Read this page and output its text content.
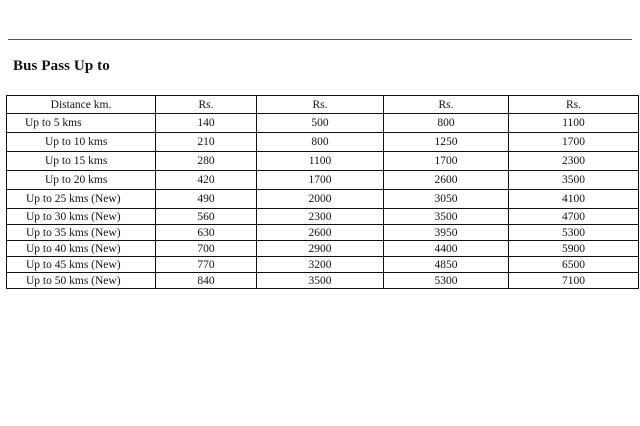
Bus Pass Up to
Distance km.	Rs.	Rs.	Rs.	Rs.
Up to 5 kms	140	500	800	1100
Up to 10 kms	210	800	1250	1700
Up to 15 kms	280	1100	1700	2300
Up to 20 kms	420	1700	2600	3500
Up to 25 kms (New)	490	2000	3050	4100
Up to 30 kms (New)	560	2300	3500	4700
Up to 35 kms (New)	630	2600	3950	5300
Up to 40 kms (New)	700	2900	4400	5900
Up to 45 kms (New)	770	3200	4850	6500
Up to 50 kms (New)	840	3500	5300	7100
